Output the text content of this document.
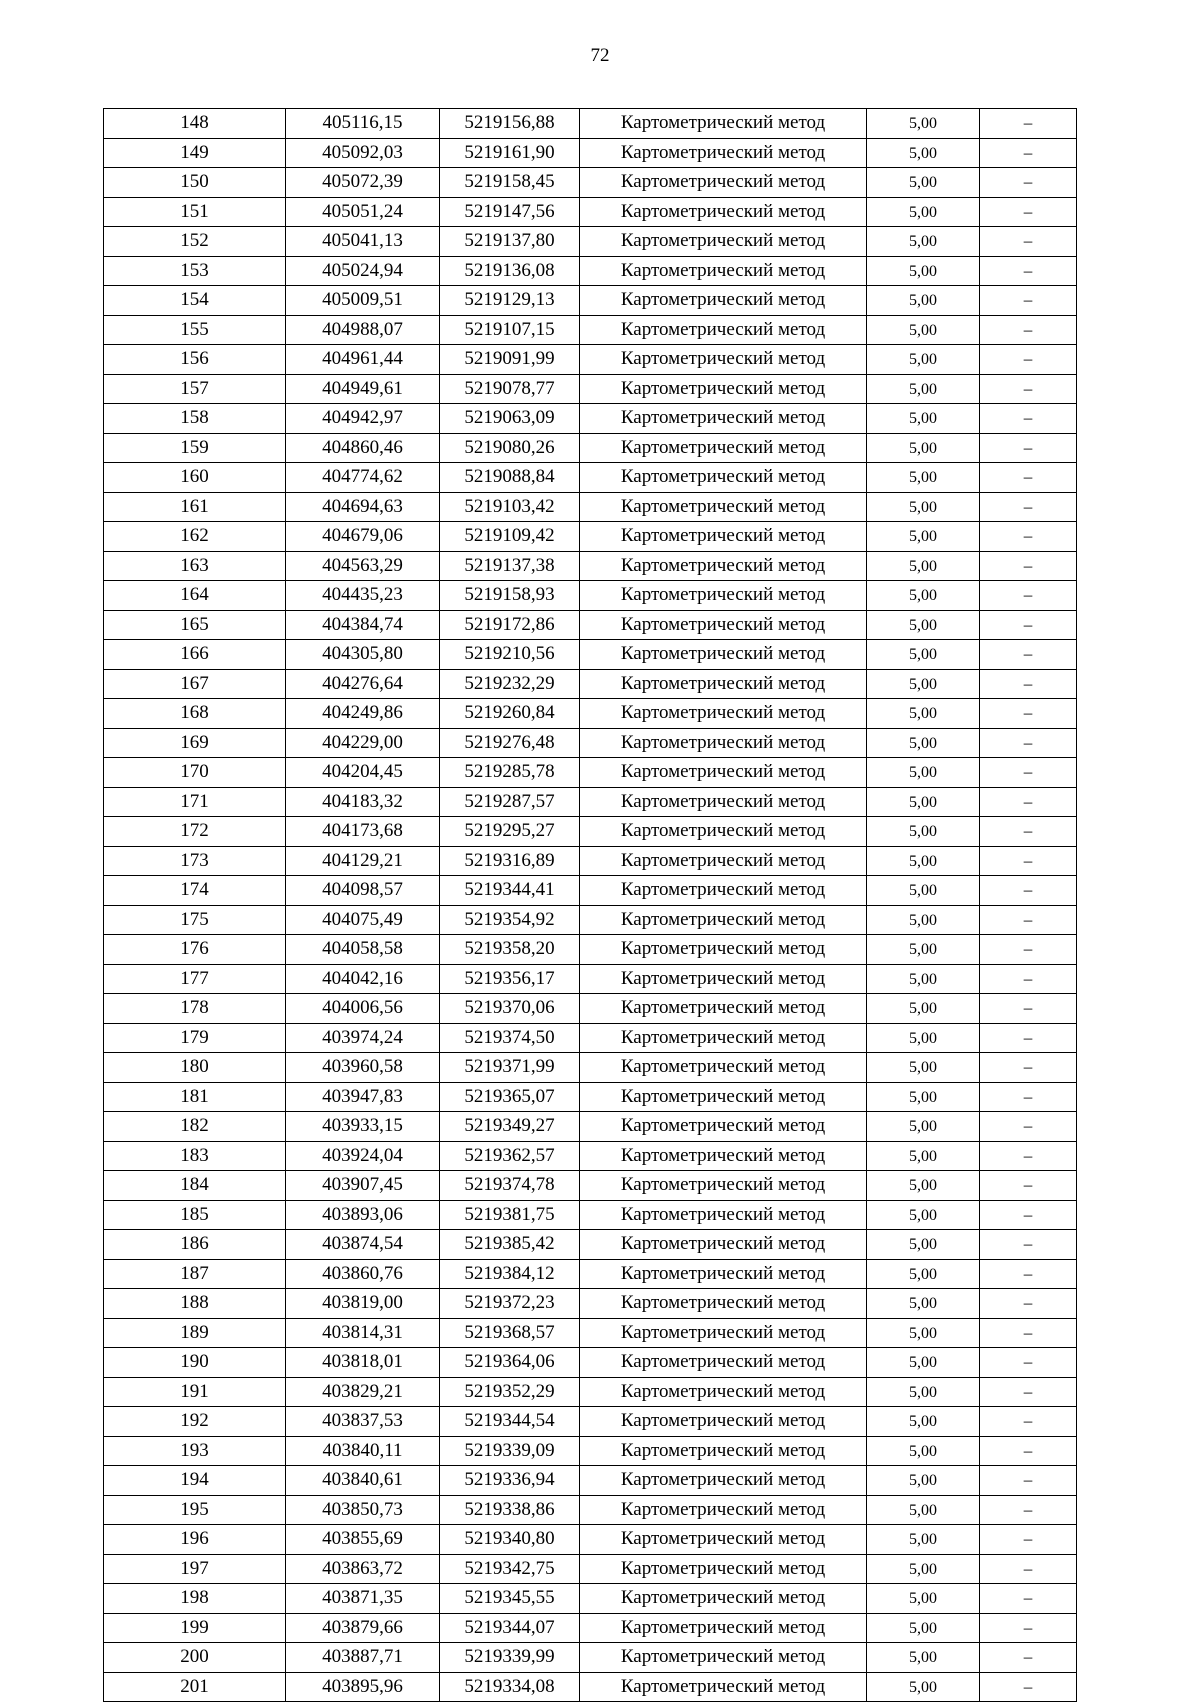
72
148	405116,15	5219156,88	Картометрический метод	5,00	–
149	405092,03	5219161,90	Картометрический метод	5,00	–
150	405072,39	5219158,45	Картометрический метод	5,00	–
151	405051,24	5219147,56	Картометрический метод	5,00	–
152	405041,13	5219137,80	Картометрический метод	5,00	–
153	405024,94	5219136,08	Картометрический метод	5,00	–
154	405009,51	5219129,13	Картометрический метод	5,00	–
155	404988,07	5219107,15	Картометрический метод	5,00	–
156	404961,44	5219091,99	Картометрический метод	5,00	–
157	404949,61	5219078,77	Картометрический метод	5,00	–
158	404942,97	5219063,09	Картометрический метод	5,00	–
159	404860,46	5219080,26	Картометрический метод	5,00	–
160	404774,62	5219088,84	Картометрический метод	5,00	–
161	404694,63	5219103,42	Картометрический метод	5,00	–
162	404679,06	5219109,42	Картометрический метод	5,00	–
163	404563,29	5219137,38	Картометрический метод	5,00	–
164	404435,23	5219158,93	Картометрический метод	5,00	–
165	404384,74	5219172,86	Картометрический метод	5,00	–
166	404305,80	5219210,56	Картометрический метод	5,00	–
167	404276,64	5219232,29	Картометрический метод	5,00	–
168	404249,86	5219260,84	Картометрический метод	5,00	–
169	404229,00	5219276,48	Картометрический метод	5,00	–
170	404204,45	5219285,78	Картометрический метод	5,00	–
171	404183,32	5219287,57	Картометрический метод	5,00	–
172	404173,68	5219295,27	Картометрический метод	5,00	–
173	404129,21	5219316,89	Картометрический метод	5,00	–
174	404098,57	5219344,41	Картометрический метод	5,00	–
175	404075,49	5219354,92	Картометрический метод	5,00	–
176	404058,58	5219358,20	Картометрический метод	5,00	–
177	404042,16	5219356,17	Картометрический метод	5,00	–
178	404006,56	5219370,06	Картометрический метод	5,00	–
179	403974,24	5219374,50	Картометрический метод	5,00	–
180	403960,58	5219371,99	Картометрический метод	5,00	–
181	403947,83	5219365,07	Картометрический метод	5,00	–
182	403933,15	5219349,27	Картометрический метод	5,00	–
183	403924,04	5219362,57	Картометрический метод	5,00	–
184	403907,45	5219374,78	Картометрический метод	5,00	–
185	403893,06	5219381,75	Картометрический метод	5,00	–
186	403874,54	5219385,42	Картометрический метод	5,00	–
187	403860,76	5219384,12	Картометрический метод	5,00	–
188	403819,00	5219372,23	Картометрический метод	5,00	–
189	403814,31	5219368,57	Картометрический метод	5,00	–
190	403818,01	5219364,06	Картометрический метод	5,00	–
191	403829,21	5219352,29	Картометрический метод	5,00	–
192	403837,53	5219344,54	Картометрический метод	5,00	–
193	403840,11	5219339,09	Картометрический метод	5,00	–
194	403840,61	5219336,94	Картометрический метод	5,00	–
195	403850,73	5219338,86	Картометрический метод	5,00	–
196	403855,69	5219340,80	Картометрический метод	5,00	–
197	403863,72	5219342,75	Картометрический метод	5,00	–
198	403871,35	5219345,55	Картометрический метод	5,00	–
199	403879,66	5219344,07	Картометрический метод	5,00	–
200	403887,71	5219339,99	Картометрический метод	5,00	–
201	403895,96	5219334,08	Картометрический метод	5,00	–
